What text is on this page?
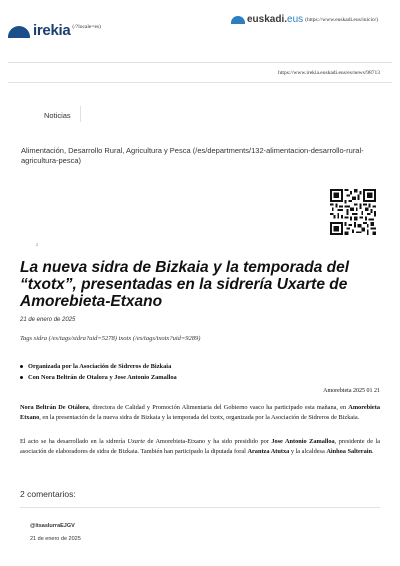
irekia (/?locale=es)
euskadi.eus (https://www.euskadi.eus/inicio/)
https://www.irekia.euskadi.eus/es/news/98713
Noticias
Alimentación, Desarrollo Rural, Agricultura y Pesca (/es/departments/132-alimentacion-desarrollo-rural-agricultura-pesca)
2
La nueva sidra de Bizkaia y la temporada del “txotx”, presentadas en la sidrería Uxarte de Amorebieta-Etxano
21 de enero de 2025
Tags sidra (/es/tags/sidra?uid=5278) txotx (/es/tags/txotx?uid=9289)
Organizada por la Asociación de Sidreros de Bizkaia
Con Nora Beltrán de Otalora y Jose Antonio Zamalloa
Amorebieta 2025 01 21

Nora Beltrán De Otálora, directora de Calidad y Promoción Alimentaria del Gobierno vasco ha participado esta mañana, en Amorebieta Etxano, en la presentación de la nueva sidra de Bizkaia y la temporada del txotx, organizada por la Asociación de Sidreros de Bizkaia.

El acto se ha desarrollado en la sidrería Uxarte de Amorebieta-Etxano y ha sido presidido por Jose Antonio Zamalloa, presidente de la asociación de elaboradores de sidra de Bizkaia. También han participado la diputada foral Arantza Atutxa y la alcaldesa Ainhoa Salterain.

2 comentarios:
@itsasIurraEJGV
21 de enero de 2025
